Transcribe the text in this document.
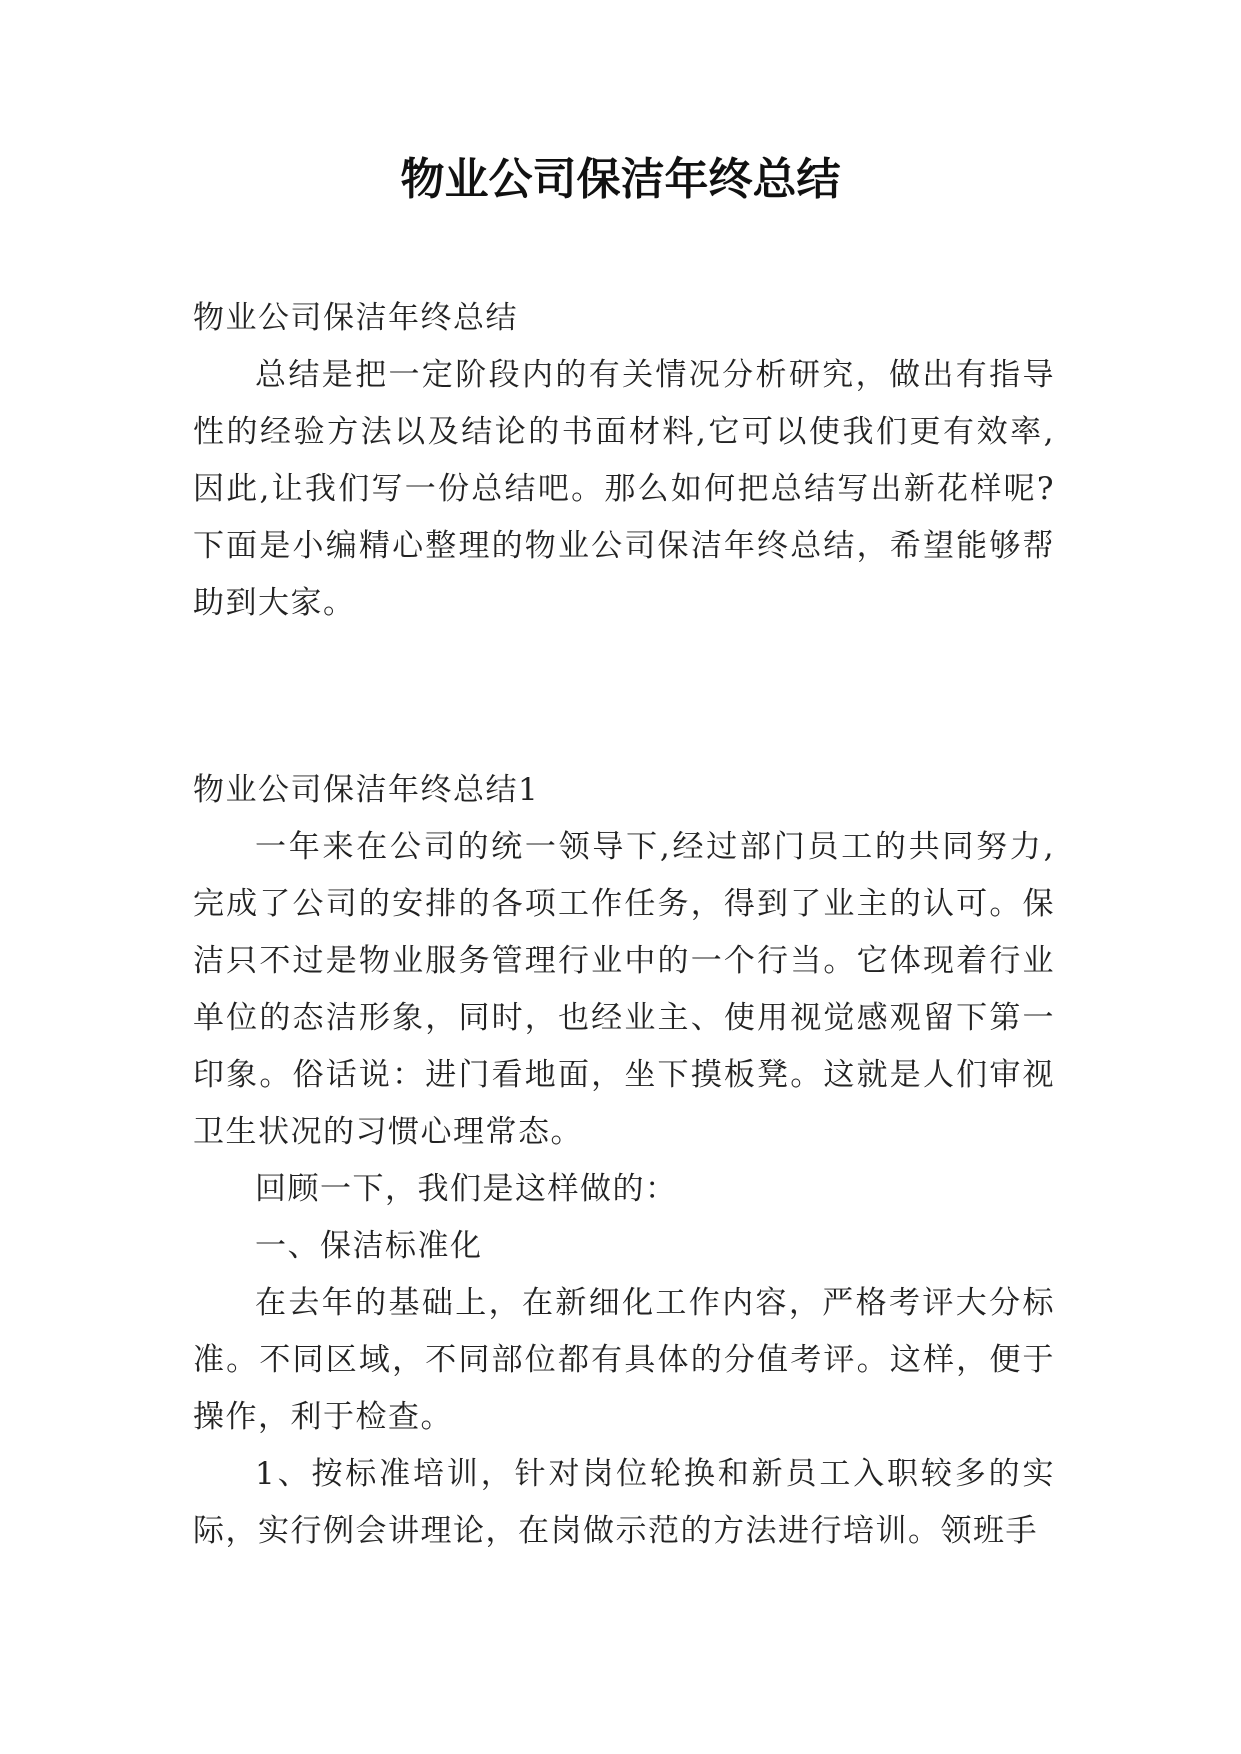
物业公司保洁年终总结

物业公司保洁年终总结

总结是把一定阶段内的有关情况分析研究，做出有指导性的经验方法以及结论的书面材料,它可以使我们更有效率,因此,让我们写一份总结吧。那么如何把总结写出新花样呢?下面是小编精心整理的物业公司保洁年终总结，希望能够帮助到大家。

物业公司保洁年终总结1

一年来在公司的统一领导下,经过部门员工的共同努力,完成了公司的安排的各项工作任务，得到了业主的认可。保洁只不过是物业服务管理行业中的一个行当。它体现着行业单位的态洁形象，同时，也经业主、使用视觉感观留下第一印象。俗话说：进门看地面，坐下摸板凳。这就是人们审视卫生状况的习惯心理常态。

回顾一下，我们是这样做的：

一、保洁标准化

在去年的基础上，在新细化工作内容，严格考评大分标准。不同区域，不同部位都有具体的分值考评。这样，便于操作，利于检查。

1、按标准培训，针对岗位轮换和新员工入职较多的实际，实行例会讲理论，在岗做示范的方法进行培训。领班手
